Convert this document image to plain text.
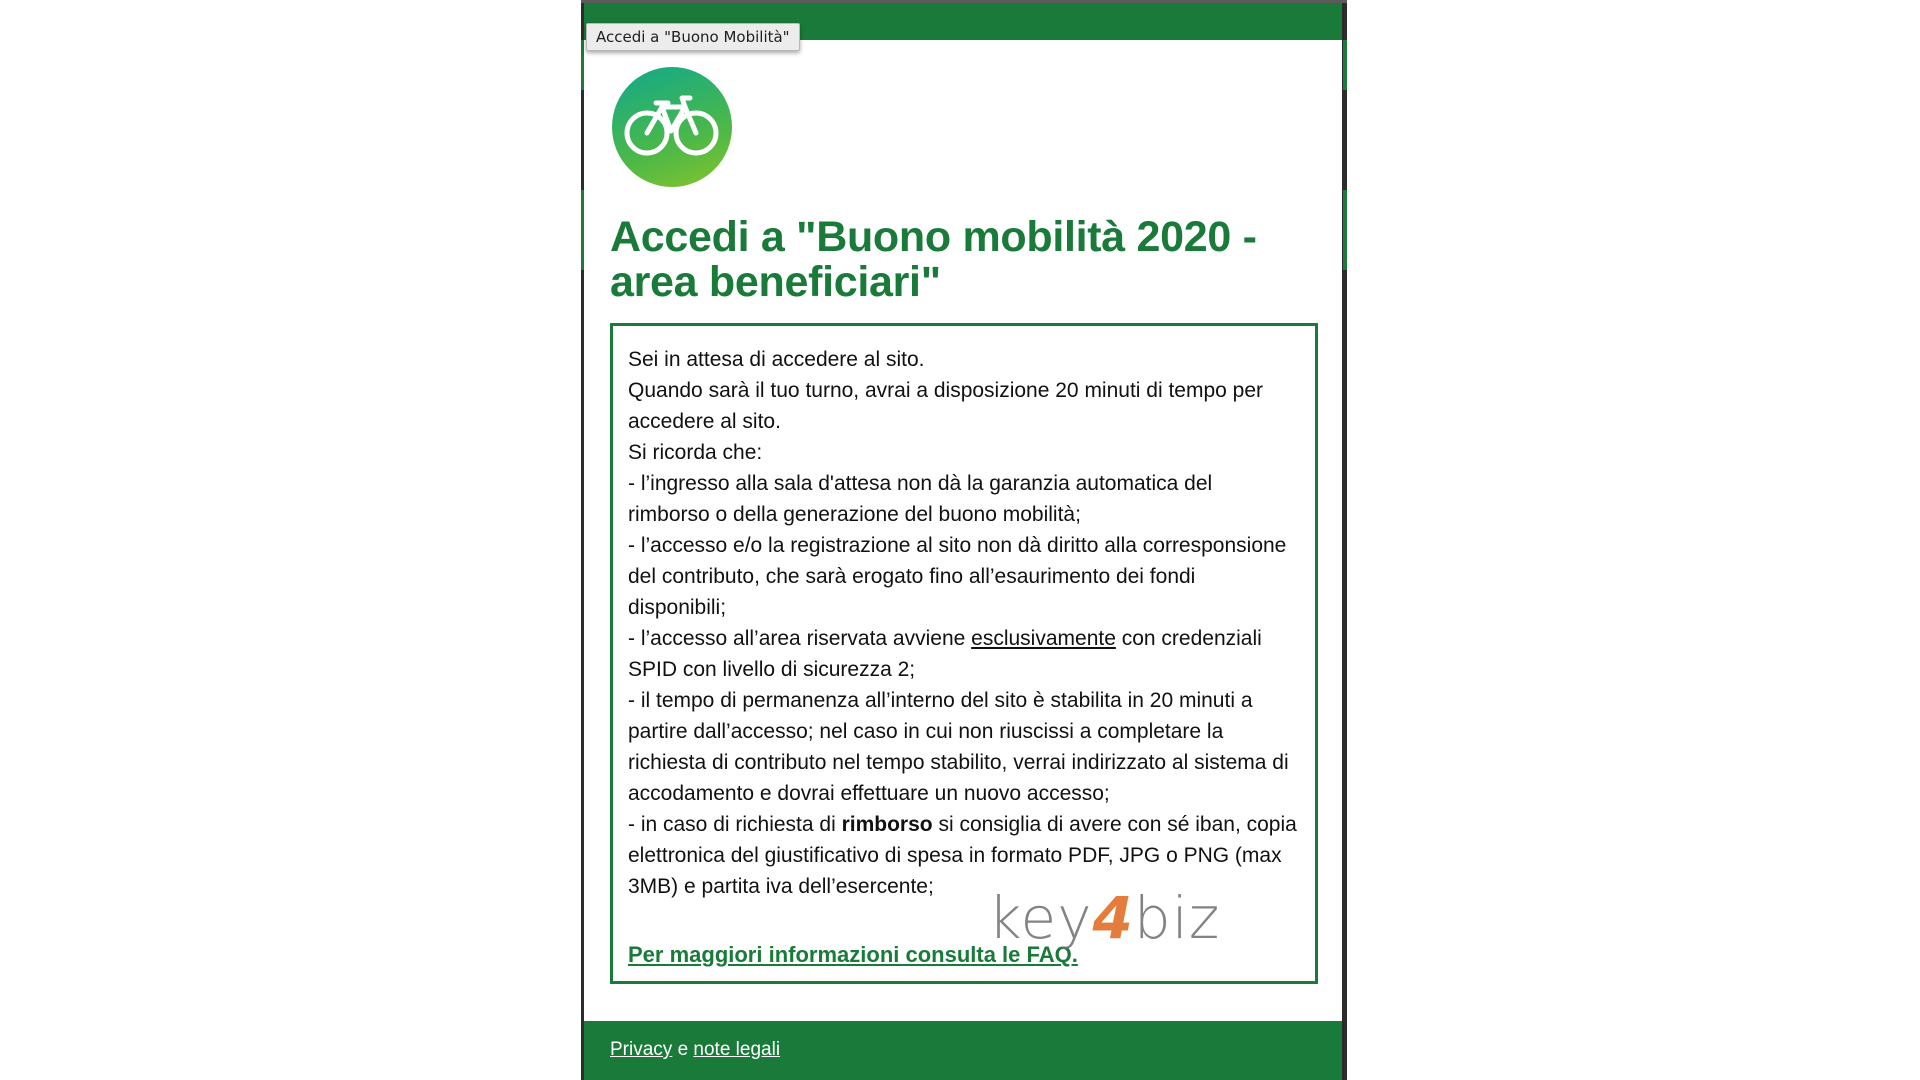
key4biz
Accedi a "Buono Mobilità"
Accedi a "Buono mobilità 2020 - area beneficiari"
Sei in attesa di accedere al sito.
Quando sarà il tuo turno, avrai a disposizione 20 minuti di tempo per accedere al sito.
Si ricorda che:
- l’ingresso alla sala d'attesa non dà la garanzia automatica del rimborso o della generazione del buono mobilità;
- l’accesso e/o la registrazione al sito non dà diritto alla corresponsione del contributo, che sarà erogato fino all’esaurimento dei fondi disponibili;
- l’accesso all’area riservata avviene esclusivamente con credenziali SPID con livello di sicurezza 2;
- il tempo di permanenza all’interno del sito è stabilita in 20 minuti a partire dall’accesso; nel caso in cui non riuscissi a completare la richiesta di contributo nel tempo stabilito, verrai indirizzato al sistema di accodamento e dovrai effettuare un nuovo accesso;
- in caso di richiesta di rimborso si consiglia di avere con sé iban, copia elettronica del giustificativo di spesa in formato PDF, JPG o PNG (max 3MB) e partita iva dell’esercente;
Per maggiori informazioni consulta le FAQ.
Privacy e note legali
